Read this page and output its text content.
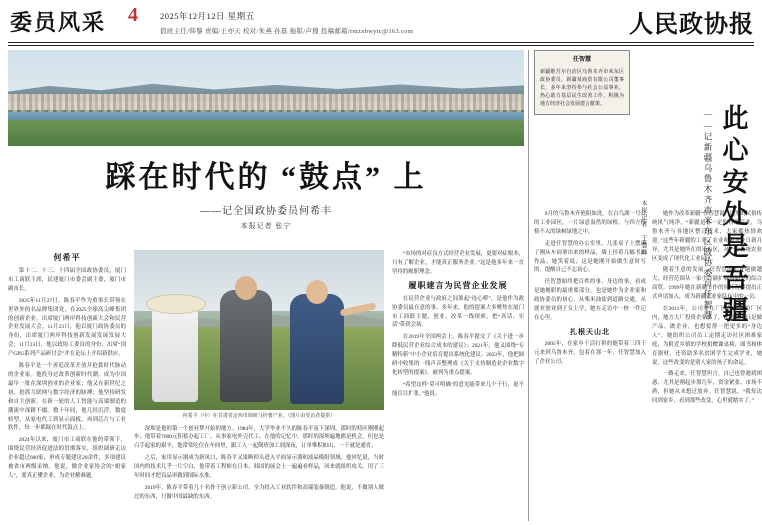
委员风采 4	2025年12月12日 星期五
值班主任/韩黎 责编/王亦天 校对/朱燕 孙磊 拖版/声穆 投稿邮箱/rmzxbwytc@163.com	人民政协报
踩在时代的 “鼓点” 上
——记全国政协委员何希丰
本报记者 张宁
何希平

第十二、十三、十四届全国政协委员，厦门市工商联主席，民建厦门市委会副主委，厦门市副市长。

2025年11月27日，陈春平作为重事长带领在世界外的名品牌集团党，在2025全球高尖峰集团的创新企业，出席厦门两岸科技创新大会和民营企业发展大会。11月23日，他以厦门政协委员的身份，出席厦门两岸科技创新发展发展发展大会；11月23日，他以政协工委员的身份，出席“国产GPU系列产品研讨会”并在论坛上介绍新供应。

陈春平是一个善追改革开放并抢抓时代脉动的企业家。他投身过改革创新时代潮，成为中国最早一批在深圳创业的企业家；他又在新世纪之初，抢抓互联网与数字经济的脉搏；他坚持研发和自主创新，在新一轮的人工智能与高端制造的潮流中深耕不辍。数十年间，他几经沉浮，数度转型，从家电代工到显示面板，再到芯片与工业软件，每一步都踩在时代鼓点上。

2024年以来，厦门市工商联在他的带领下，围绕民营经济促进法的贯彻落实，组织调研走访企业超过600家，形成专题建议20余件，多项建议被省市两级采纳。他说，做企业家协会的“娘家人”，要真正懂企业、为企业解难题。

何希平（中）在甘肃省定西市调研马铃薯产业。（图片由受访者提供）

深圳是他的第一个创业梦开始的地方。1984年，大学毕业不久的陈春平南下深圳，那时的特区刚刚起步，他带着7000元积蓄办起工厂，从事家电外壳代工。在他的记忆中，那时的深圳遍地都是机会，但也是白手起家的艰辛，他常常吃住在车间里，跟工人一起倒班加工到深夜，订单堆积如山，一干就是通宵。

之后，家用显示器成为新风口，陈春平又果断掉头进入平面显示器和液晶模组领域。他回忆说，当时国内的技术几乎一片空白，他带着工程师在日本、韩国的展会上一遍遍看样品，回来就组织攻关，用了三年时间才把良品率做到国际水准。

2019年，陈春平带着几十名骨干创立新公司，全力投入工业软件和高端装备制造。他说，不做别人做过的东西，只做中国最缺的东西。

“市场的对症良方式经营企业发展，更要对症根本，只有了解企业，才能真正服务企业。”这是他多年来一直坚持的履职理念。

履职建言为民营企业发展

在民营企业与政府之间架起“连心桥”，是他作为政协委员最在意的事。多年来，他的提案大多聚焦在厦门市工商联主题、创业、改革一线探索，把“真话、实话”带到会场。

在2019年全国两会上，陈春平提交了《关于进一步降低民营企业综合成本的建议》；2021年，他又围绕“专精特新”中小企业培育提出系统化建议；2023年，他把调研中收集的一线声音整理成《关于支持制造业企业数字化转型的提案》，被列为重点提案。

“希望这样‘莫可明确’的意见能带来几个千行，更不能盲目扩张。”他说。

任智慧
新疆维吾尔自治区乌鲁木齐市米东区政协委员，新疆某商贸有限公司董事长，多年来坚持参与社会公益事业，热心助力基层民生改善工作，积极为地方经济社会发展建言献策。	此心安处是吾疆
——记新疆乌鲁木齐市米东区政协委员任智慧
本报记者 王慧峰

9月的乌鲁木齐艳阳如洗，在白鸟湖一号合的工业园区，一片绿意盎然的绿植，与四方格格不入的绿树绿地之中。

走进任智慧的办公室里，几张桌子上摆满了刚从车间拿出来的样品，墙上挂着几幅书法作品。她笑着说，这是她刚开始做生意时写的，提醒自己不忘初心。

任智慧始终把百姓的事、身边的事，看成是她履职的最重要部分，也是她作为企业家和政协委员的初心。从柴米油盐到道路交通，从就业创业到子女上学，她在走访中一桩一件记在心里。

扎根天山北

2005年，在家乡干活打拼的她带着三四千元来到乌鲁木齐，包着在那一年，任智慧加入了企业公司。

她作为改革新疆“任智慧说，”这里的民俗传统风气纯净，“新疆是有一定的各地产业，乌鲁木齐与各地区整合技术，大家都热情欢迎。”这些年新疆的工业、农业和服务业日新月异，尤其是她所在的米东区，从一个传统农业区变成了现代化工业园区。

随着生意的发展，任智慧的企业越做越大，经营范围从一家小店铺扩展到如今的综合商贸。1999年她在新疆工作的时任智慧提出正式申请加入，成为新疆企业家队伍中的一员。

在2011年，公司要在厂区与研发的厂区内，地方大厂投资企业多了，任智慧不只是做产品，做企业，也想要帮一把更多的“身边人”。她组织公司员工定期走访社区困难家庭，为附近乡镇的学校捐赠课桌椅、图书和体育器材，还资助多名贫困学生完成学业，她说，这些改变的是别人家的孩子的命运。

一路走来，任智慧坦言，自己也曾遇到困惑，尤其是刚起步那几年，资金紧张、市场不熟，但她从未想过放弃。任智慧说，“我每次回到家乡，看到那些改变，心里就踏实了。”
